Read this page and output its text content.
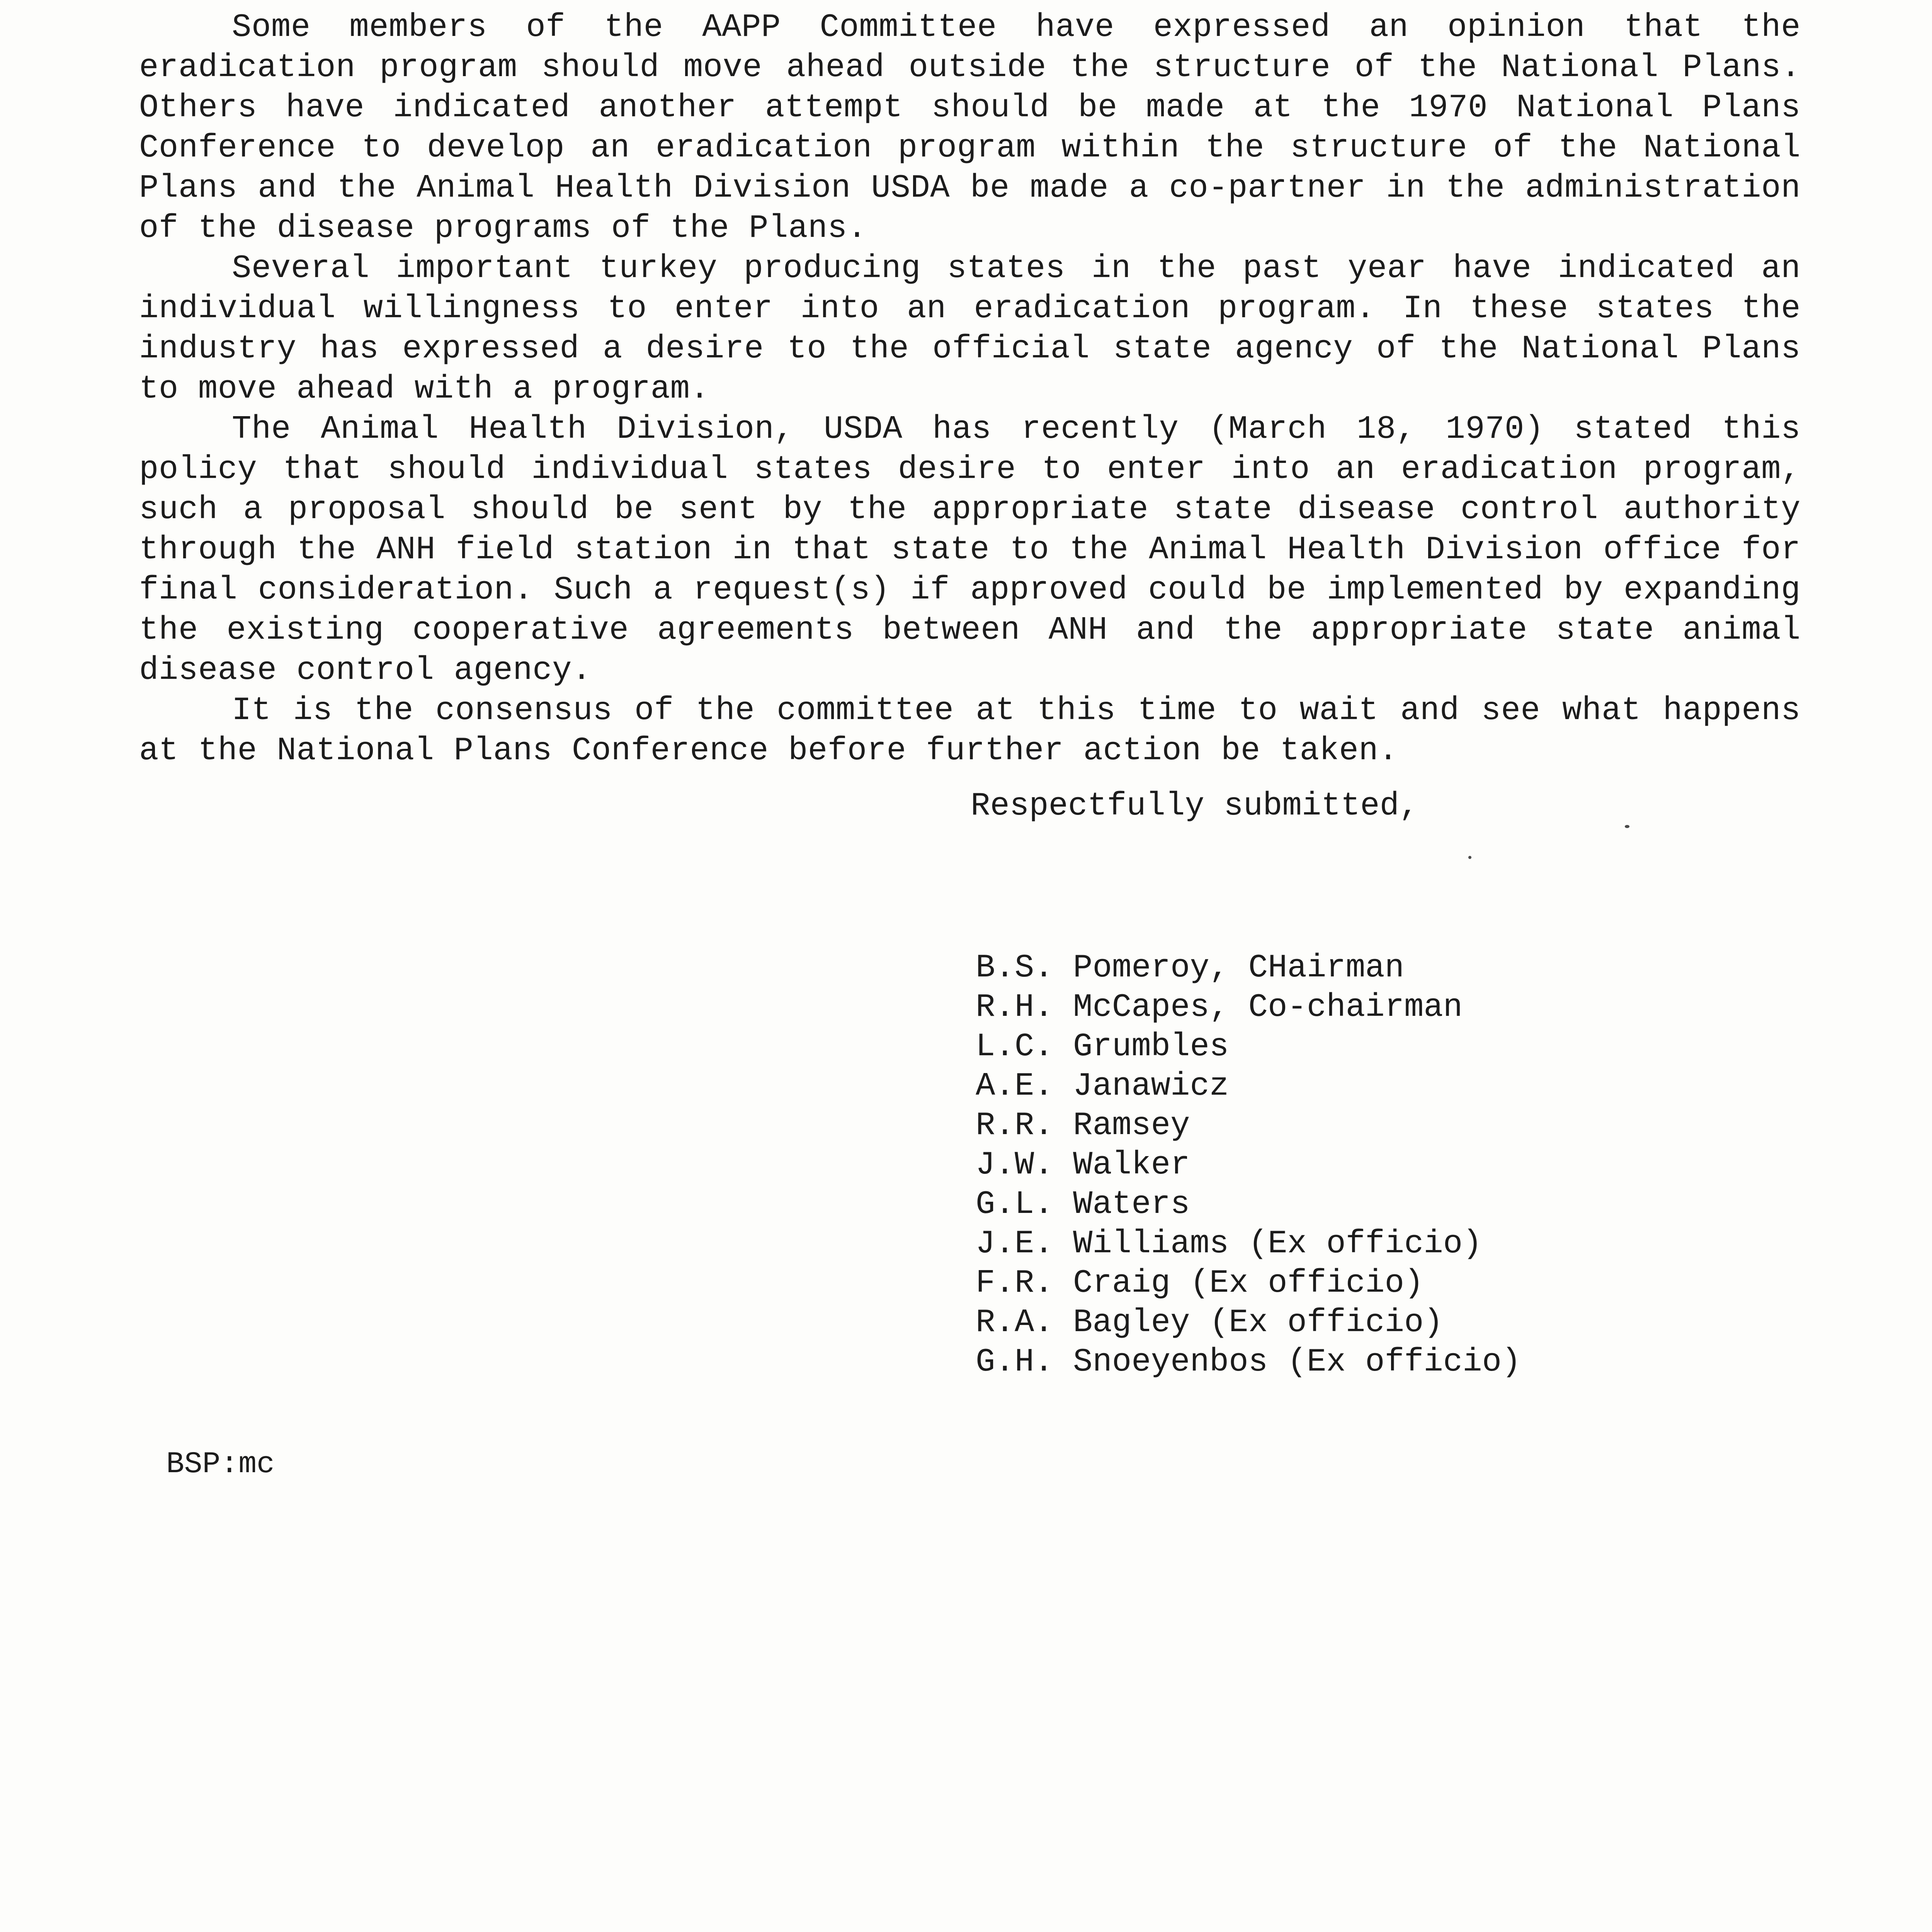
Some members of the AAPP Committee have expressed an opinion that the eradication program should move ahead outside the structure of the National Plans. Others have indicated another attempt should be made at the 1970 National Plans Conference to develop an eradication program within the structure of the National Plans and the Animal Health Division USDA be made a co-partner in the administration of the disease programs of the Plans.

Several important turkey producing states in the past year have indicated an individual willingness to enter into an eradication program. In these states the industry has expressed a desire to the official state agency of the National Plans to move ahead with a program.

The Animal Health Division, USDA has recently (March 18, 1970) stated this policy that should individual states desire to enter into an eradication program, such a proposal should be sent by the appropriate state disease control authority through the ANH field station in that state to the Animal Health Division office for final consideration. Such a request(s) if approved could be implemented by expanding the existing cooperative agreements between ANH and the appropriate state animal disease control agency.

It is the consensus of the committee at this time to wait and see what happens at the National Plans Conference before further action be taken.

Respectfully submitted,
B.S. Pomeroy, CHairman
R.H. McCapes, Co-chairman
L.C. Grumbles
A.E. Janawicz
R.R. Ramsey
J.W. Walker
G.L. Waters
J.E. Williams (Ex officio)
F.R. Craig (Ex officio)
R.A. Bagley (Ex officio)
G.H. Snoeyenbos (Ex officio)
BSP:mc
